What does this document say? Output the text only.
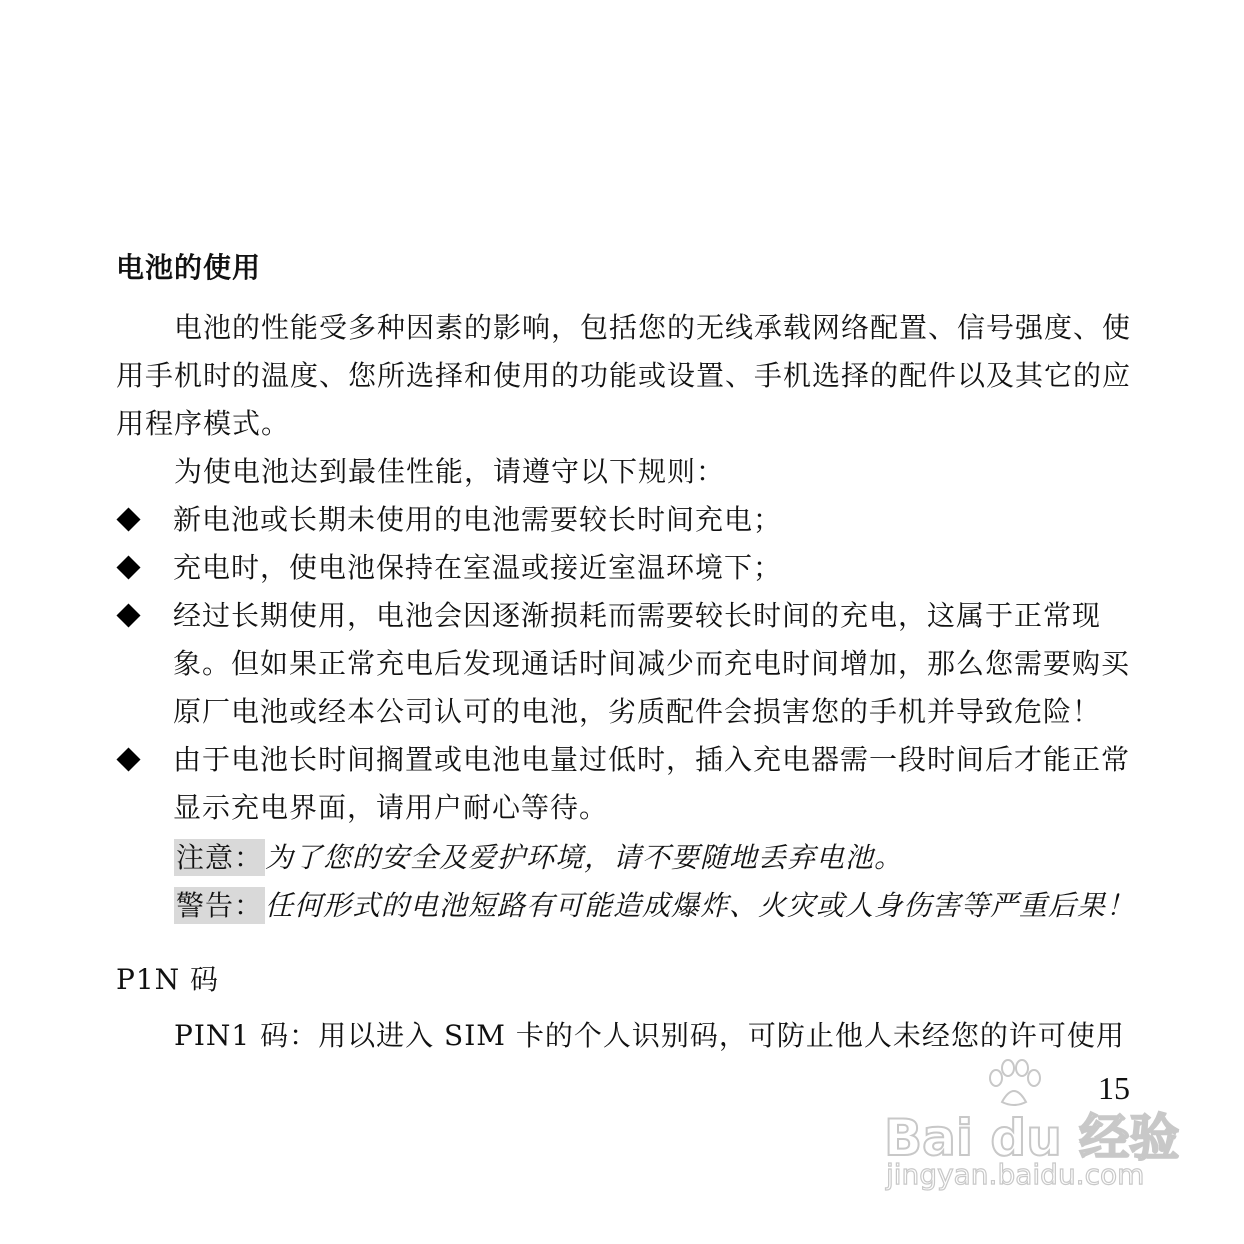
电池的使用
电池的性能受多种因素的影响，包括您的无线承载网络配置、信号强度、使用手机时的温度、您所选择和使用的功能或设置、手机选择的配件以及其它的应用程序模式。
为使电池达到最佳性能，请遵守以下规则：
新电池或长期未使用的电池需要较长时间充电；
充电时，使电池保持在室温或接近室温环境下；
经过长期使用，电池会因逐渐损耗而需要较长时间的充电，这属于正常现象。但如果正常充电后发现通话时间减少而充电时间增加，那么您需要购买原厂电池或经本公司认可的电池，劣质配件会损害您的手机并导致危险！
由于电池长时间搁置或电池电量过低时，插入充电器需一段时间后才能正常显示充电界面，请用户耐心等待。
注意：为了您的安全及爱护环境，请不要随地丢弃电池。
警告：任何形式的电池短路有可能造成爆炸、火灾或人身伤害等严重后果！
P1N 码
PIN1 码：用以进入 SIM 卡的个人识别码，可防止他人未经您的许可使用
15
Bai du 经验
jingyan.baidu.com
